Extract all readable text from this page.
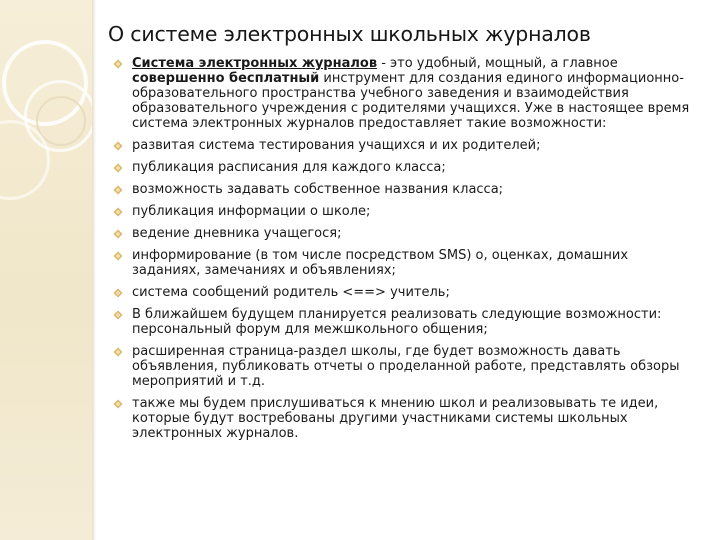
О системе электронных школьных журналов
Система электронных журналов - это удобный, мощный, а главное совершенно бесплатный инструмент для создания единого информационно-образовательного пространства учебного заведения и взаимодействия образовательного учреждения с родителями учащихся. Уже в настоящее время система электронных журналов предоставляет такие возможности:
развитая система тестирования учащихся и их родителей;
публикация расписания для каждого класса;
возможность задавать собственное названия класса;
публикация информации о школе;
ведение дневника учащегося;
информирование (в том числе посредством SMS) о, оценках, домашних заданиях, замечаниях и объявлениях;
система сообщений родитель <==> учитель;
В ближайшем будущем планируется реализовать следующие возможности: персональный форум для межшкольного общения;
расширенная страница-раздел школы, где будет возможность давать объявления, публиковать отчеты о проделанной работе, представлять обзоры мероприятий и т.д.
также мы будем прислушиваться к мнению школ и реализовывать те идеи, которые будут востребованы другими участниками системы школьных электронных журналов.
